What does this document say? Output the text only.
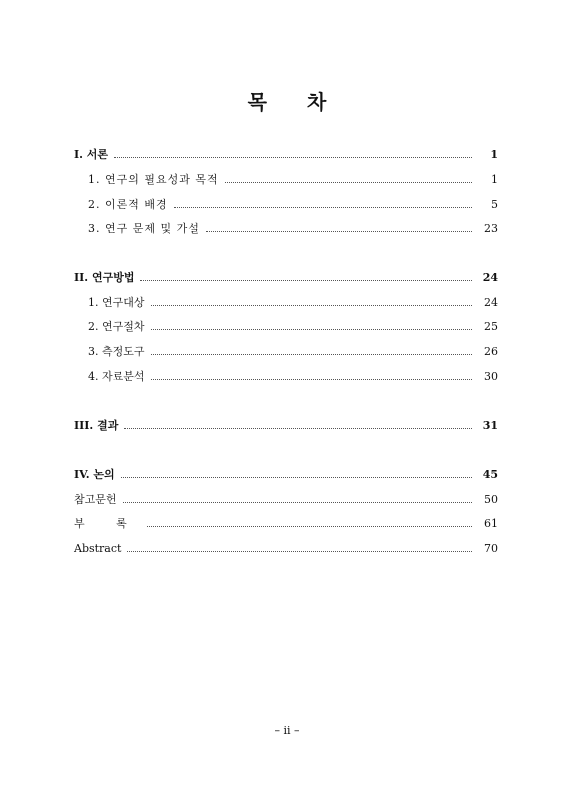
목 차
I. 서론	1
1. 연구의 필요성과 목적	1
2. 이론적 배경	5
3. 연구 문제 및 가설	23
II. 연구방법	24
1. 연구대상	24
2. 연구절차	25
3. 측정도구	26
4. 자료분석	30
III. 결과	31
IV. 논의	45
참고문헌	50
부 록	61
Abstract	70
– ii –
